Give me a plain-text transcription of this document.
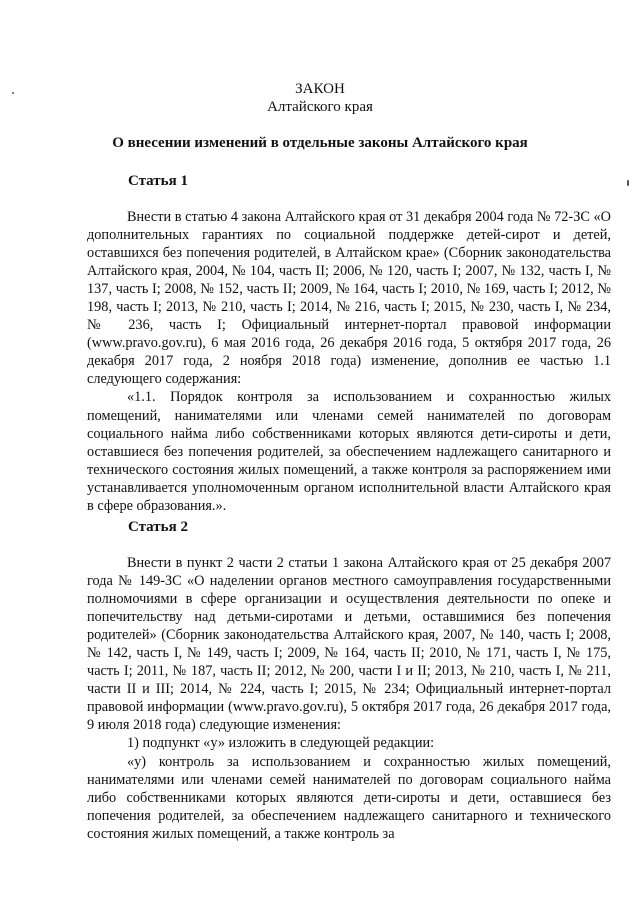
ЗАКОН
Алтайского края
О внесении изменений в отдельные законы Алтайского края
Статья 1

Внести в статью 4 закона Алтайского края от 31 декабря 2004 года № 72-ЗС «О дополнительных гарантиях по социальной поддержке детей-сирот и детей, оставшихся без попечения родителей, в Алтайском крае» (Сборник законодательства Алтайского края, 2004, № 104, часть II; 2006, № 120, часть I; 2007, № 132, часть I, № 137, часть I; 2008, № 152, часть II; 2009, № 164, часть I; 2010, № 169, часть I; 2012, № 198, часть I; 2013, № 210, часть I; 2014, № 216, часть I; 2015, № 230, часть I, № 234, № 236, часть I; Официальный интернет-портал правовой информации (www.pravo.gov.ru), 6 мая 2016 года, 26 декабря 2016 года, 5 октября 2017 года, 26 декабря 2017 года, 2 ноября 2018 года) изменение, дополнив ее частью 1.1 следующего содержания:

«1.1. Порядок контроля за использованием и сохранностью жилых помещений, нанимателями или членами семей нанимателей по договорам социального найма либо собственниками которых являются дети-сироты и дети, оставшиеся без попечения родителей, за обеспечением надлежащего санитарного и технического состояния жилых помещений, а также контроля за распоряжением ими устанавливается уполномоченным органом исполнительной власти Алтайского края в сфере образования.».

Статья 2

Внести в пункт 2 части 2 статьи 1 закона Алтайского края от 25 декабря 2007 года № 149-ЗС «О наделении органов местного самоуправления государственными полномочиями в сфере организации и осуществления деятельности по опеке и попечительству над детьми-сиротами и детьми, оставшимися без попечения родителей» (Сборник законодательства Алтайского края, 2007, № 140, часть I; 2008, № 142, часть I, № 149, часть I; 2009, № 164, часть II; 2010, № 171, часть I, № 175, часть I; 2011, № 187, часть II; 2012, № 200, части I и II; 2013, № 210, часть I, № 211, части II и III; 2014, № 224, часть I; 2015, № 234; Официальный интернет-портал правовой информации (www.pravo.gov.ru), 5 октября 2017 года, 26 декабря 2017 года, 9 июля 2018 года) следующие изменения:

1) подпункт «у» изложить в следующей редакции:

«у) контроль за использованием и сохранностью жилых помещений, нанимателями или членами семей нанимателей по договорам социального найма либо собственниками которых являются дети-сироты и дети, оставшиеся без попечения родителей, за обеспечением надлежащего санитарного и технического состояния жилых помещений, а также контроль за
